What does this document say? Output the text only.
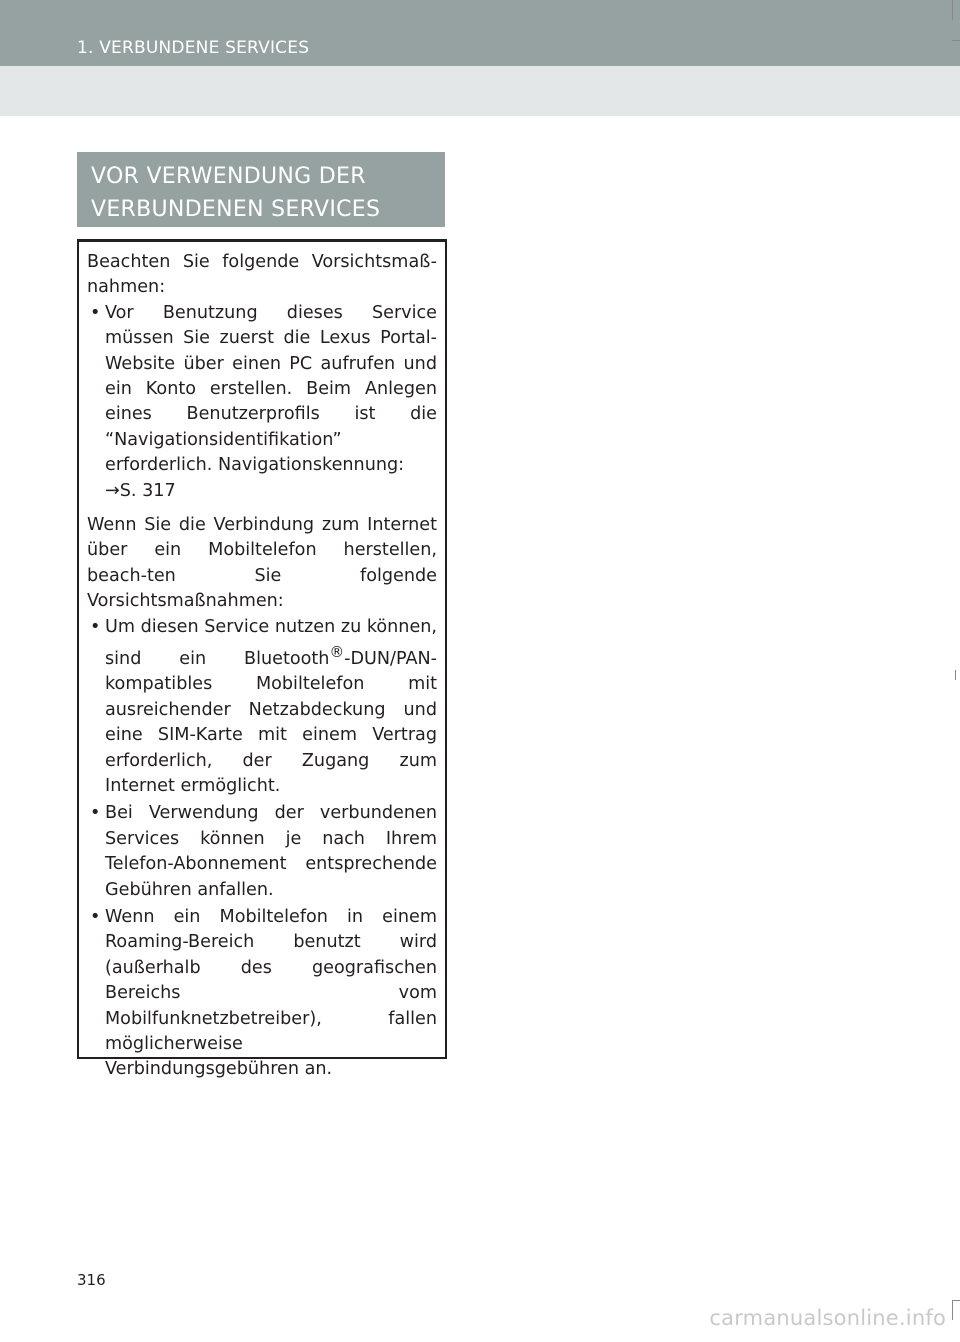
1. VERBUNDENE SERVICES
VOR VERWENDUNG DER VERBUNDENEN SERVICES

Beachten Sie folgende Vorsichtsmaß-nahmen:

• Vor Benutzung dieses Service müssen Sie zuerst die Lexus Portal-Website über einen PC aufrufen und ein Konto erstellen. Beim Anlegen eines Benutzerprofils ist die “Navigationsidentifikation” erforderlich. Navigationskennung:
→S. 317

Wenn Sie die Verbindung zum Internet über ein Mobiltelefon herstellen, beach-ten Sie folgende Vorsichtsmaßnahmen:

• Um diesen Service nutzen zu können, sind ein Bluetooth®-DUN/PAN-kompatibles Mobiltelefon mit ausreichender Netzabdeckung und eine SIM-Karte mit einem Vertrag erforderlich, der Zugang zum Internet ermöglicht.
• Bei Verwendung der verbundenen Services können je nach Ihrem Telefon-Abonnement entsprechende Gebühren anfallen.
• Wenn ein Mobiltelefon in einem Roaming-Bereich benutzt wird (außerhalb des geografischen Bereichs vom Mobilfunknetzbetreiber), fallen möglicherweise Verbindungsgebühren an.
316
carmanualsonline.info
